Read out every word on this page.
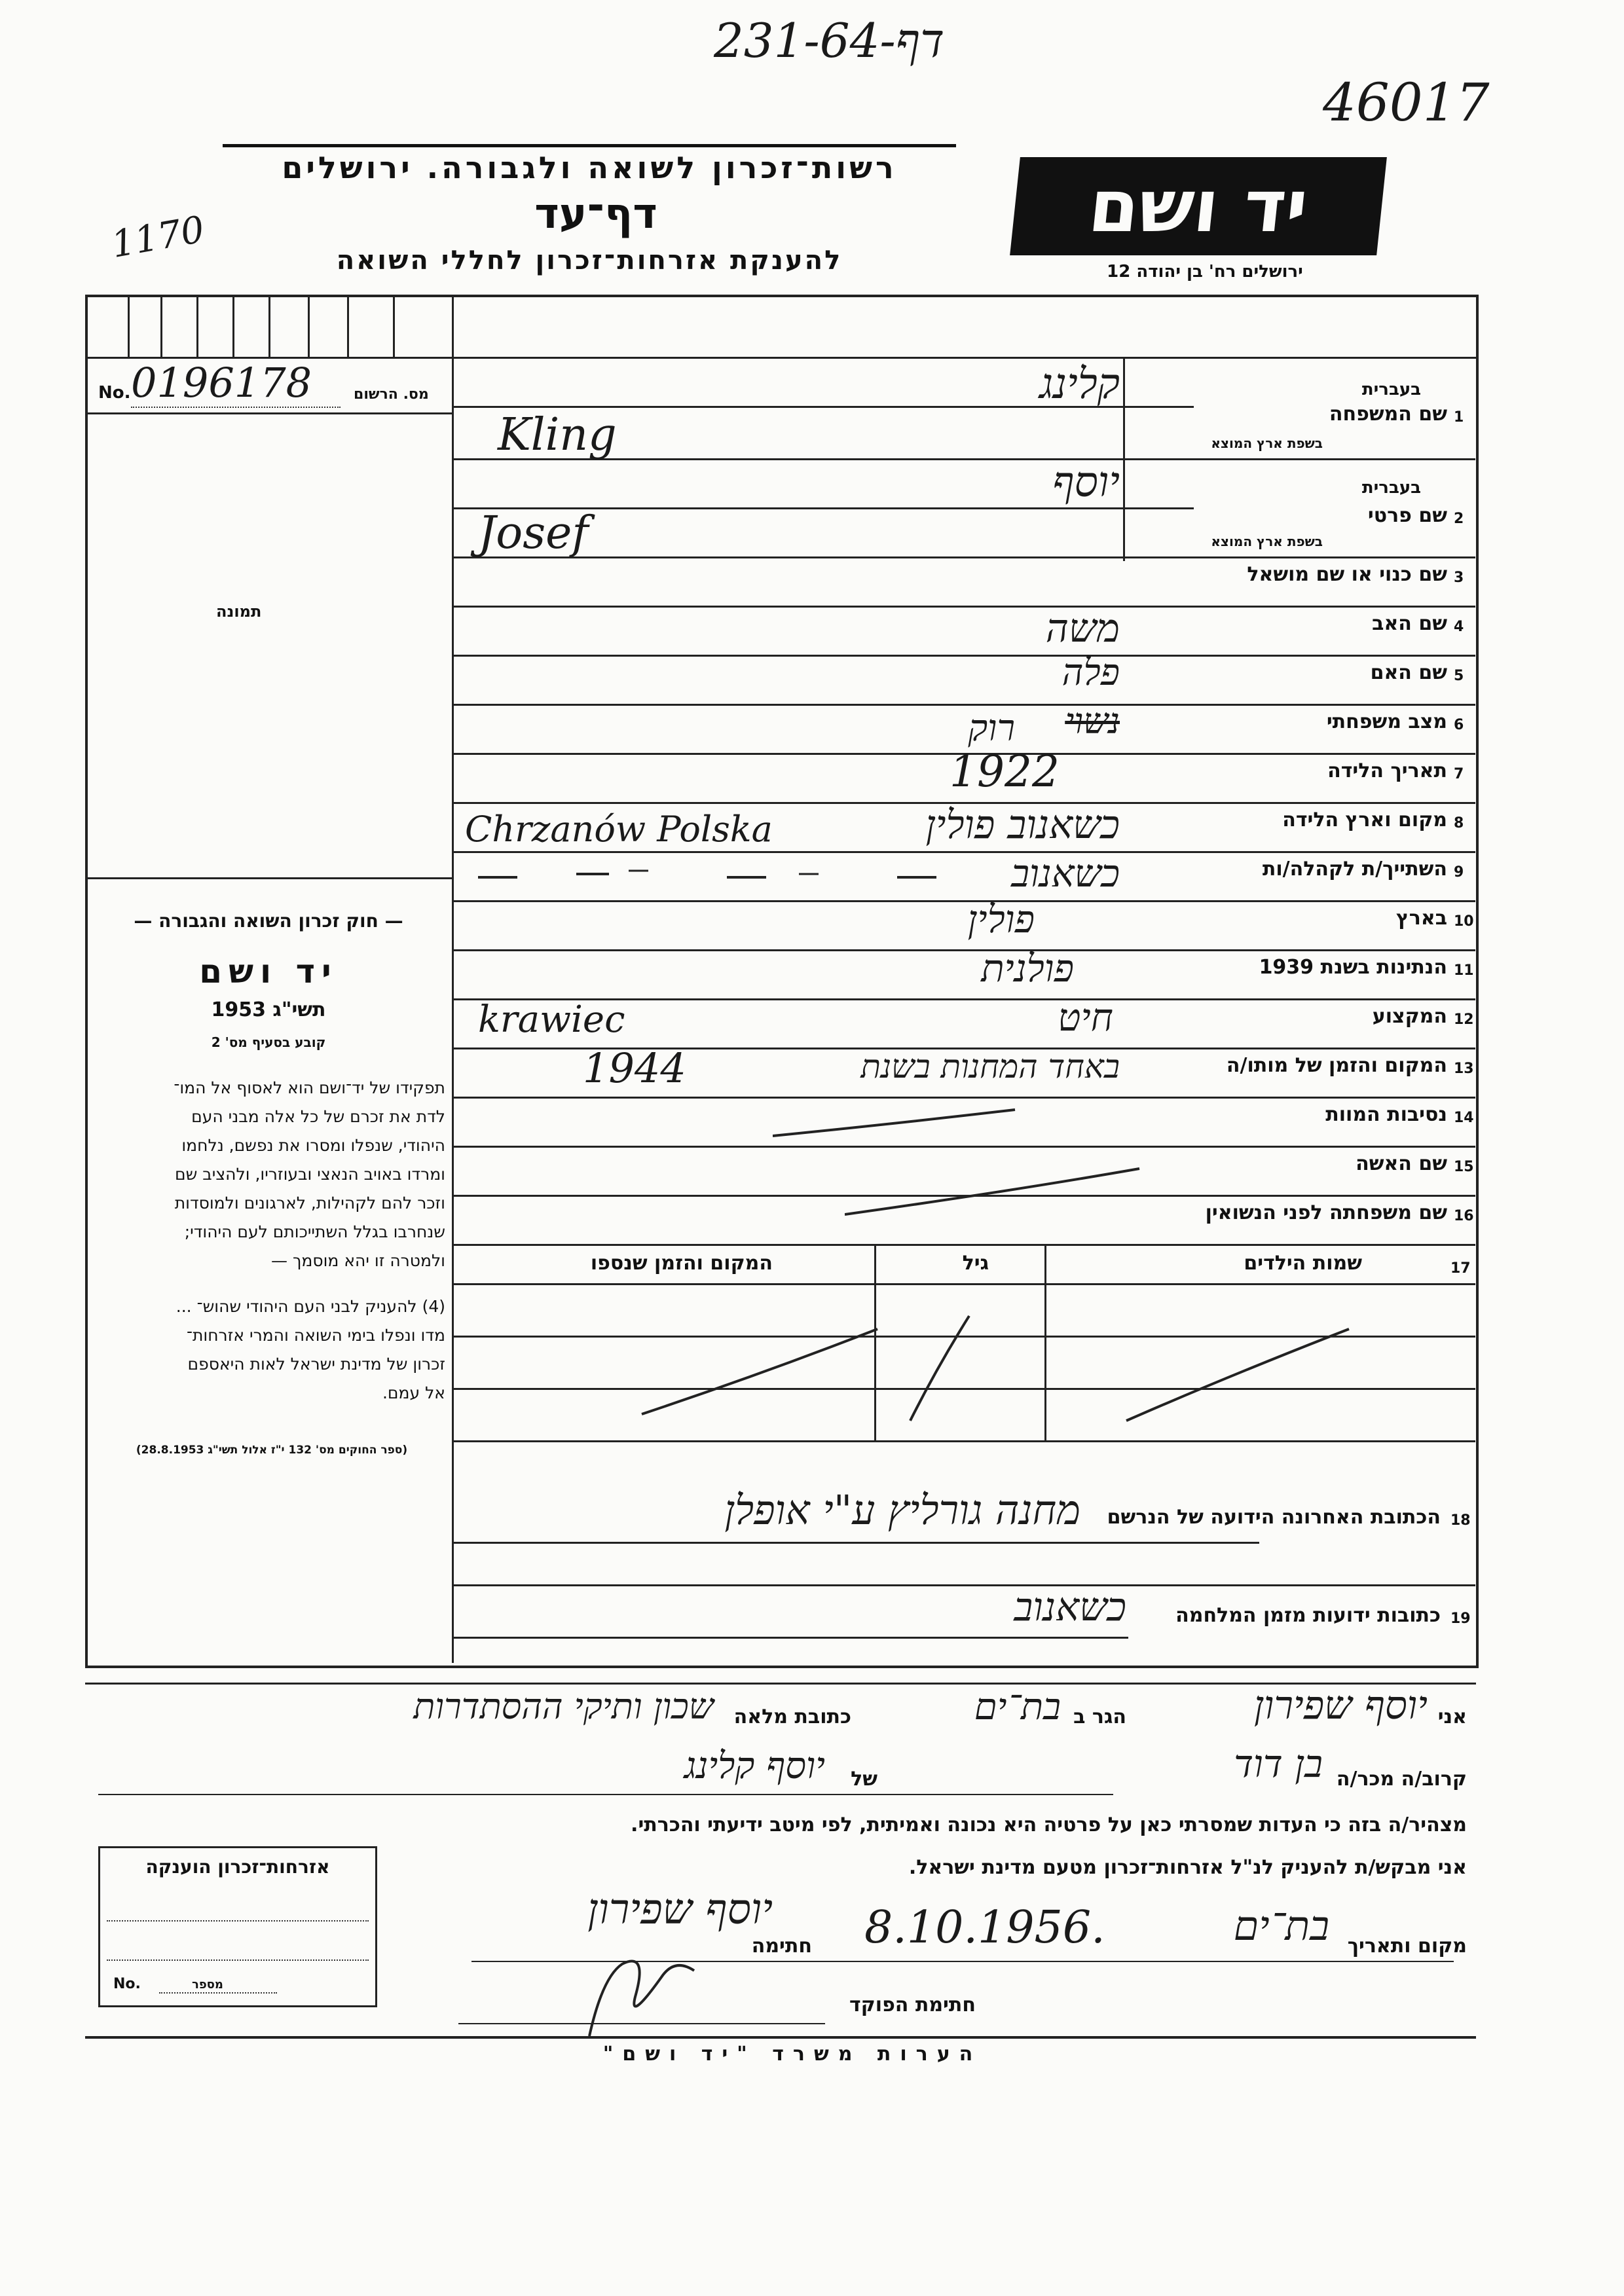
231-64-דף
46017
1170
רשות־זכרון לשואה ולגבורה. ירושלים
דף־עד
להענקת אזרחות־זכרון לחללי השואה
יד ושם
ירושלים רח' בן יהודה 12
No. 0196178	מס. הרשום
תמונה
— חוק זכרון השואה והגבורה —
יד ושם
תשי"ג 1953
קובע בסעיף מס' 2
תפקידו של יד־ושם הוא לאסוף אל המו־
לדת את זכרם של כל אלה מבני העם
היהודי, שנפלו ומסרו את נפשם, נלחמו
ומרדו באויב הנאצי ובעוזריו, ולהציב שם
וזכר להם לקהילות, לארגונים ולמוסדות
שנחרבו בגלל השתייכותם לעם היהודי;
ולמטרה זו יהא מוסמך —
(4) להעניק לבני העם היהודי שהוש־ ...
מדו ונפלו בימי השואה והמרי אזרחות־
זכרון של מדינת ישראל לאות היאספם
אל עמם.
(ספר החוקים מס' 132 י"ז אלול תשי"ג 28.8.1953)
1
שם המשפחה
בעברית
בשפת ארץ המוצא
קלינג
Kling
2
שם פרטי
בעברית
בשפת ארץ המוצא
יוסף
Josef
3
שם כנוי או שם מושאל
4
שם האב
משה
5
שם האם
פלה
6
מצב משפחתי
נשוי
רוק
7
תאריך הלידה
1922
8
מקום וארץ הלידה
כשאנוב פולין
Chrzanów Polska
9
השתייך/ת לקהלה/ות
כשאנוב
10
בארץ
פולין
11
הנתינות בשנת 1939
פולנית
12
המקצוע
חיט
krawiec
13
המקום והזמן של מותו/ה
באחד המחנות בשנת
1944
14
נסיבות המוות
15
שם האשה
16
שם משפחתה לפני הנשואין
17
שמות הילדים
גיל
המקום והזמן שנספו
18
הכתובת האחרונה הידועה של הנרשם
מחנה גורליץ ע"י אופלן
19
כתובות ידועות מזמן המלחמה
כשאנוב
אני
יוסף שפירון
הגר ב
בת־ים
כתובת מלאה
שכון ותיקי ההסתדרות
קרוב/ה מכר/ה
בן דוד
של
יוסף קלינג
מצהיר/ה בזה כי העדות שמסרתי כאן על פרטיה היא נכונה ואמיתית, לפי מיטב ידיעתי והכרתי.
אני מבקש/ת להעניק לנ"ל אזרחות־זכרון מטעם מדינת ישראל.
מקום ותאריך
בת־ים
8.10.1956.
חתימה
יוסף שפירון
חתימת הפוקד
אזרחות־זכרון הוענקה
No.	מספר
הערות משרד "יד ושם"
